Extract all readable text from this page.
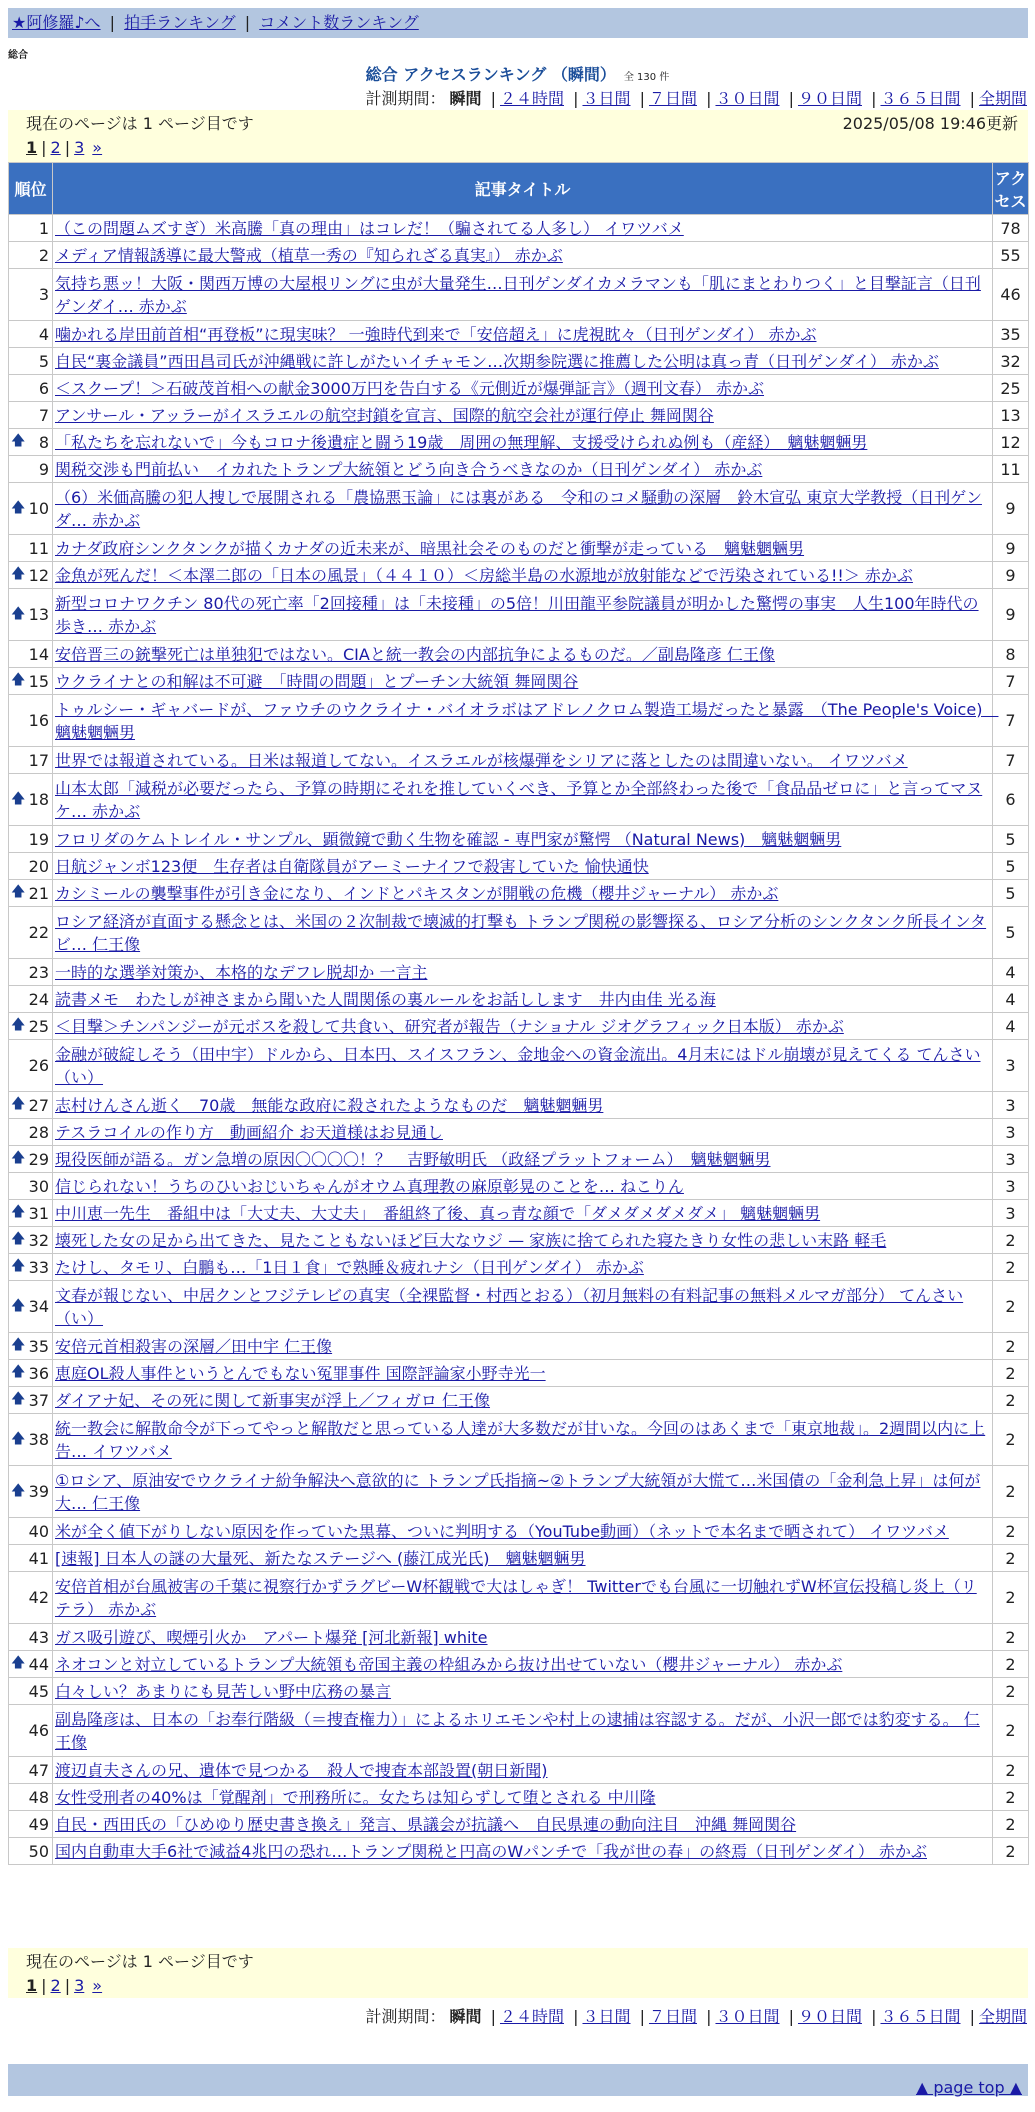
★阿修羅♪へ | 拍手ランキング | コメント数ランキング
総合
総合 アクセスランキング （瞬間） 全 130 件
計測期間： 瞬間 | ２４時間 | ３日間 | ７日間 | ３０日間 | ９０日間 | ３６５日間 | 全期間
現在のページは 1 ページ目です	2025/05/08 19:46更新
1 | 2 | 3 »
順位	記事タイトル	アクセス
1	（この問題ムズすぎ）米高騰「真の理由」はコレだ！（騙されてる人多し） イワツバメ	78
2	メディア情報誘導に最大警戒（植草一秀の『知られざる真実』） 赤かぶ	55
3	気持ち悪ッ！大阪・関西万博の大屋根リングに虫が大量発生…日刊ゲンダイカメラマンも「肌にまとわりつく」と目撃証言（日刊ゲンダイ… 赤かぶ	46
4	噛かれる岸田前首相“再登板”に現実味？ 一強時代到来で「安倍超え」に虎視眈々（日刊ゲンダイ） 赤かぶ	35
5	自民“裏金議員”西田昌司氏が沖縄戦に許しがたいイチャモン…次期参院選に推薦した公明は真っ青（日刊ゲンダイ） 赤かぶ	32
6	＜スクープ！＞石破茂首相への献金3000万円を告白する《元側近が爆弾証言》（週刊文春） 赤かぶ	25
7	アンサール・アッラーがイスラエルの航空封鎖を宣言、国際的航空会社が運行停止 舞岡関谷	13

🡅 8	「私たちを忘れないで」今もコロナ後遺症と闘う19歳　周囲の無理解、支援受けられぬ例も（産経）　魑魅魍魎男	12
9	関税交渉も門前払い　イカれたトランプ大統領とどう向き合うべきなのか（日刊ゲンダイ） 赤かぶ	11

🡅 10	（6）米価高騰の犯人捜しで展開される「農協悪玉論」には裏がある　令和のコメ騒動の深層　鈴木宣弘 東京大学教授（日刊ゲンダ… 赤かぶ	9
11	カナダ政府シンクタンクが描くカナダの近未来が、暗黒社会そのものだと衝撃が走っている　魑魅魍魎男	9

🡅 12	金魚が死んだ！＜本澤二郎の「日本の風景」（４４１０）＜房総半島の水源地が放射能などで汚染されている!!＞ 赤かぶ	9

🡅 13	新型コロナワクチン 80代の死亡率「2回接種」は「未接種」の5倍！川田龍平参院議員が明かした驚愕の事実　人生100年時代の歩き… 赤かぶ	9
14	安倍晋三の銃撃死亡は単独犯ではない。CIAと統一教会の内部抗争によるものだ。／副島隆彦 仁王像	8

🡅 15	ウクライナとの和解は不可避　「時間の問題」とプーチン大統領 舞岡関谷	7
16	トゥルシー・ギャバードが、ファウチのウクライナ・バイオラボはアドレノクロム製造工場だったと暴露　（The People's Voice)　魑魅魍魎男	7
17	世界では報道されている。日米は報道してない。イスラエルが核爆弾をシリアに落としたのは間違いない。 イワツバメ	7

🡅 18	山本太郎「減税が必要だったら、予算の時期にそれを推していくべき、予算とか全部終わった後で「食品品ゼロに」と言ってマヌケ… 赤かぶ	6
19	フロリダのケムトレイル・サンプル、顕微鏡で動く生物を確認 - 専門家が驚愕 （Natural News)　魑魅魍魎男	5
20	日航ジャンボ123便　生存者は自衛隊員がアーミーナイフで殺害していた 愉快通快	5

🡅 21	カシミールの襲撃事件が引き金になり、インドとパキスタンが開戦の危機（櫻井ジャーナル） 赤かぶ	5
22	ロシア経済が直面する懸念とは、米国の２次制裁で壊滅的打撃も トランプ関税の影響探る、ロシア分析のシンクタンク所長インタビ… 仁王像	5
23	一時的な選挙対策か、本格的なデフレ脱却か 一言主	4
24	読書メモ　わたしが神さまから聞いた人間関係の裏ルールをお話しします　井内由佳 光る海	4

🡅 25	＜目撃＞チンパンジーが元ボスを殺して共食い、研究者が報告（ナショナル ジオグラフィック日本版） 赤かぶ	4
26	金融が破綻しそう（田中宇）ドルから、日本円、スイスフラン、金地金への資金流出。4月末にはドル崩壊が見えてくる てんさい（い）	3

🡅 27	志村けんさん逝く　70歳　無能な政府に殺されたようなものだ　魑魅魍魎男	3
28	テスラコイルの作り方　動画紹介 お天道様はお見通し	3

🡅 29	現役医師が語る。ガン急増の原因〇〇〇〇！？　吉野敏明氏 （政経プラットフォーム）　魑魅魍魎男	3
30	信じられない！うちのひいおじいちゃんがオウム真理教の麻原彰晃のことを… ねこりん	3

🡅 31	中川恵一先生　番組中は「大丈夫、大丈夫」　番組終了後、真っ青な顔で「ダメダメダメダメ」 魑魅魍魎男	3

🡅 32	壊死した女の足から出てきた、見たこともないほど巨大なウジ — 家族に捨てられた寝たきり女性の悲しい末路 軽毛	2

🡅 33	たけし、タモリ、白鵬も…「1日１食」で熟睡＆疲れナシ（日刊ゲンダイ） 赤かぶ	2

🡅 34	文春が報じない、中居クンとフジテレビの真実（全裸監督・村西とおる）（初月無料の有料記事の無料メルマガ部分） てんさい（い）	2

🡅 35	安倍元首相殺害の深層／田中宇 仁王像	2

🡅 36	恵庭OL殺人事件というとんでもない冤罪事件 国際評論家小野寺光一	2

🡅 37	ダイアナ妃、その死に関して新事実が浮上／フィガロ 仁王像	2

🡅 38	統一教会に解散命令が下ってやっと解散だと思っている人達が大多数だが甘いな。今回のはあくまで「東京地裁」。2週間以内に上告… イワツバメ	2

🡅 39	①ロシア、原油安でウクライナ紛争解決へ意欲的に トランプ氏指摘~②トランプ大統領が大慌て…米国債の「金利急上昇」は何が大… 仁王像	2
40	米が全く値下がりしない原因を作っていた黒幕、ついに判明する（YouTube動画）（ネットで本名まで晒されて） イワツバメ	2
41	[速報] 日本人の謎の大量死、新たなステージへ (藤江成光氏)　魑魅魍魎男	2
42	安倍首相が台風被害の千葉に視察行かずラグビーW杯観戦で大はしゃぎ！ Twitterでも台風に一切触れずW杯宣伝投稿し炎上（リテラ） 赤かぶ	2
43	ガス吸引遊び、喫煙引火か　アパート爆発 [河北新報] white	2

🡅 44	ネオコンと対立しているトランプ大統領も帝国主義の枠組みから抜け出せていない（櫻井ジャーナル） 赤かぶ	2
45	白々しい？あまりにも見苦しい野中広務の暴言	2
46	副島隆彦は、日本の「お奉行階級（＝捜査権力）」によるホリエモンや村上の逮捕は容認する。だが、小沢一郎では豹変する。 仁王像	2
47	渡辺貞夫さんの兄、遺体で見つかる　殺人で捜査本部設置(朝日新聞)	2
48	女性受刑者の40%は「覚醒剤」で刑務所に。女たちは知らずして堕とされる 中川隆	2
49	自民・西田氏の「ひめゆり歴史書き換え」発言、県議会が抗議へ　自民県連の動向注目　沖縄 舞岡関谷	2
50	国内自動車大手6社で減益4兆円の恐れ…トランプ関税と円高のWパンチで「我が世の春」の終焉（日刊ゲンダイ） 赤かぶ	2
現在のページは 1 ページ目です
1 | 2 | 3 »
計測期間： 瞬間 | ２４時間 | ３日間 | ７日間 | ３０日間 | ９０日間 | ３６５日間 | 全期間
▲ page top ▲
